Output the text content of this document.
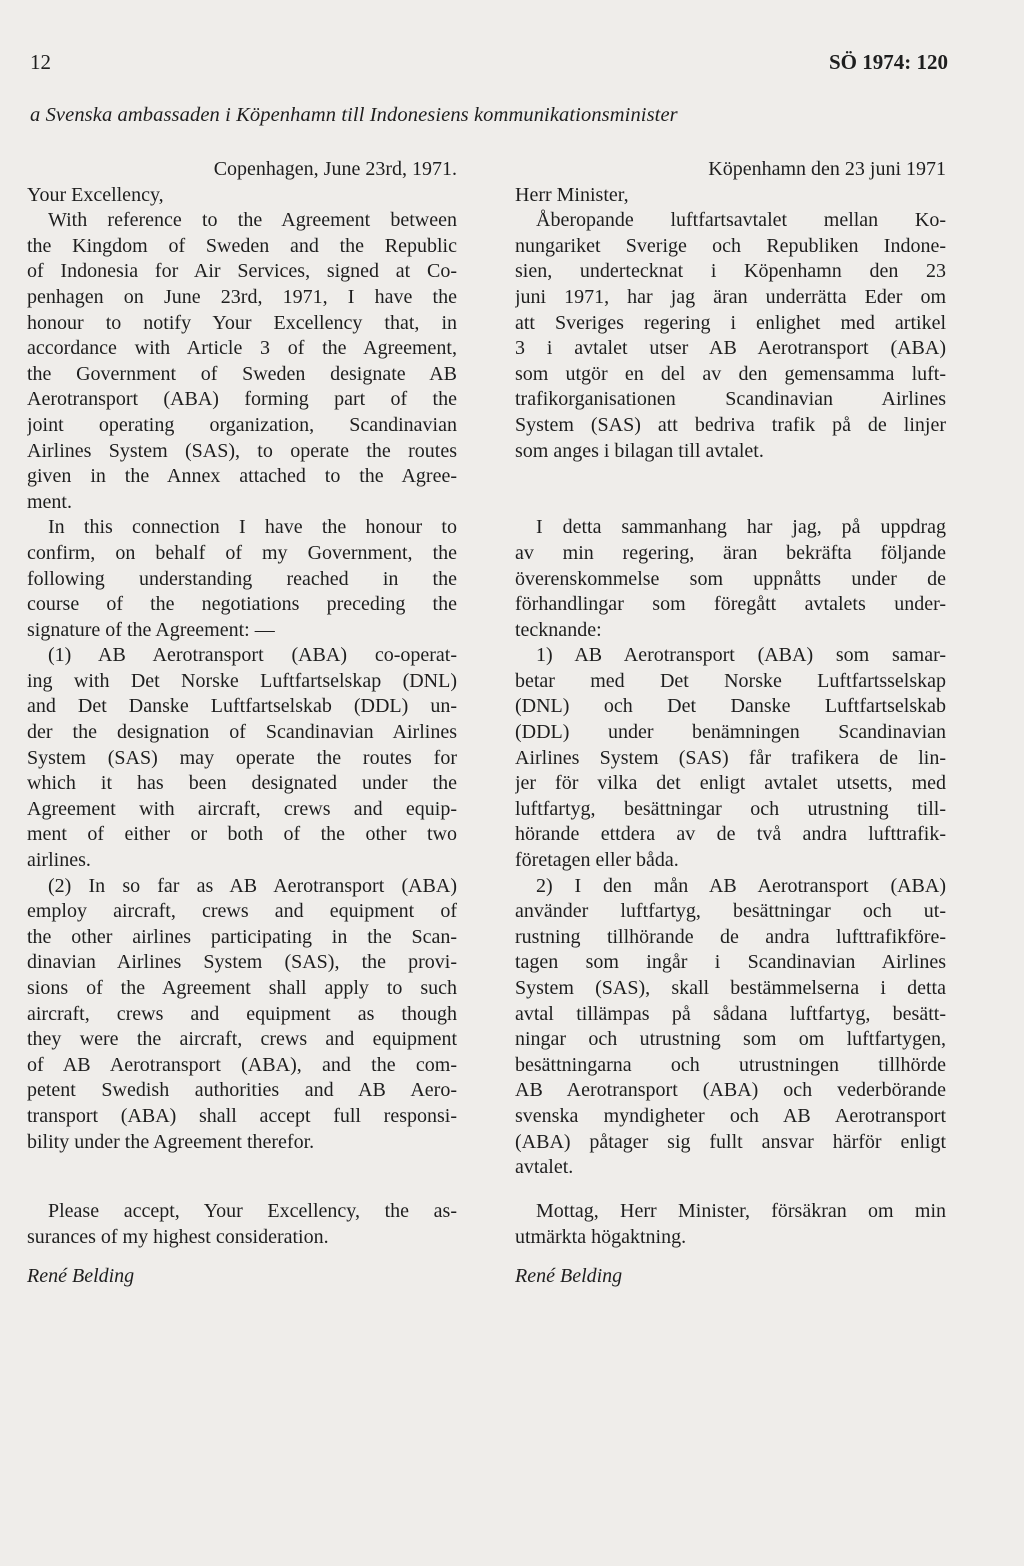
12	SÖ 1974: 120
a Svenska ambassaden i Köpenhamn till Indonesiens kommunikationsminister
Copenhagen, June 23rd, 1971.
Your Excellency,
With reference to the Agreement between
the Kingdom of Sweden and the Republic
of Indonesia for Air Services, signed at Co-
penhagen on June 23rd, 1971, I have the
honour to notify Your Excellency that, in
accordance with Article 3 of the Agreement,
the Government of Sweden designate AB
Aerotransport (ABA) forming part of the
joint operating organization, Scandinavian
Airlines System (SAS), to operate the routes
given in the Annex attached to the Agree-
ment.
In this connection I have the honour to
confirm, on behalf of my Government, the
following understanding reached in the
course of the negotiations preceding the
signature of the Agreement: —
(1) AB Aerotransport (ABA) co-operat-
ing with Det Norske Luftfartselskap (DNL)
and Det Danske Luftfartselskab (DDL) un-
der the designation of Scandinavian Airlines
System (SAS) may operate the routes for
which it has been designated under the
Agreement with aircraft, crews and equip-
ment of either or both of the other two
airlines.
(2) In so far as AB Aerotransport (ABA)
employ aircraft, crews and equipment of
the other airlines participating in the Scan-
dinavian Airlines System (SAS), the provi-
sions of the Agreement shall apply to such
aircraft, crews and equipment as though
they were the aircraft, crews and equipment
of AB Aerotransport (ABA), and the com-
petent Swedish authorities and AB Aero-
transport (ABA) shall accept full responsi-
bility under the Agreement therefor.
Köpenhamn den 23 juni 1971
Herr Minister,
Åberopande luftfartsavtalet mellan Ko-
nungariket Sverige och Republiken Indone-
sien, undertecknat i Köpenhamn den 23
juni 1971, har jag äran underrätta Eder om
att Sveriges regering i enlighet med artikel
3 i avtalet utser AB Aerotransport (ABA)
som utgör en del av den gemensamma luft-
trafikorganisationen Scandinavian Airlines
System (SAS) att bedriva trafik på de linjer
som anges i bilagan till avtalet.
I detta sammanhang har jag, på uppdrag
av min regering, äran bekräfta följande
överenskommelse som uppnåtts under de
förhandlingar som föregått avtalets under-
tecknande:
1) AB Aerotransport (ABA) som samar-
betar med Det Norske Luftfartsselskap
(DNL) och Det Danske Luftfartselskab
(DDL) under benämningen Scandinavian
Airlines System (SAS) får trafikera de lin-
jer för vilka det enligt avtalet utsetts, med
luftfartyg, besättningar och utrustning till-
hörande ettdera av de två andra lufttrafik-
företagen eller båda.
2) I den mån AB Aerotransport (ABA)
använder luftfartyg, besättningar och ut-
rustning tillhörande de andra lufttrafikföre-
tagen som ingår i Scandinavian Airlines
System (SAS), skall bestämmelserna i detta
avtal tillämpas på sådana luftfartyg, besätt-
ningar och utrustning som om luftfartygen,
besättningarna och utrustningen tillhörde
AB Aerotransport (ABA) och vederbörande
svenska myndigheter och AB Aerotransport
(ABA) påtager sig fullt ansvar härför enligt
avtalet.
Please accept, Your Excellency, the as-
surances of my highest consideration.
Mottag, Herr Minister, försäkran om min
utmärkta högaktning.
René Belding	René Belding
